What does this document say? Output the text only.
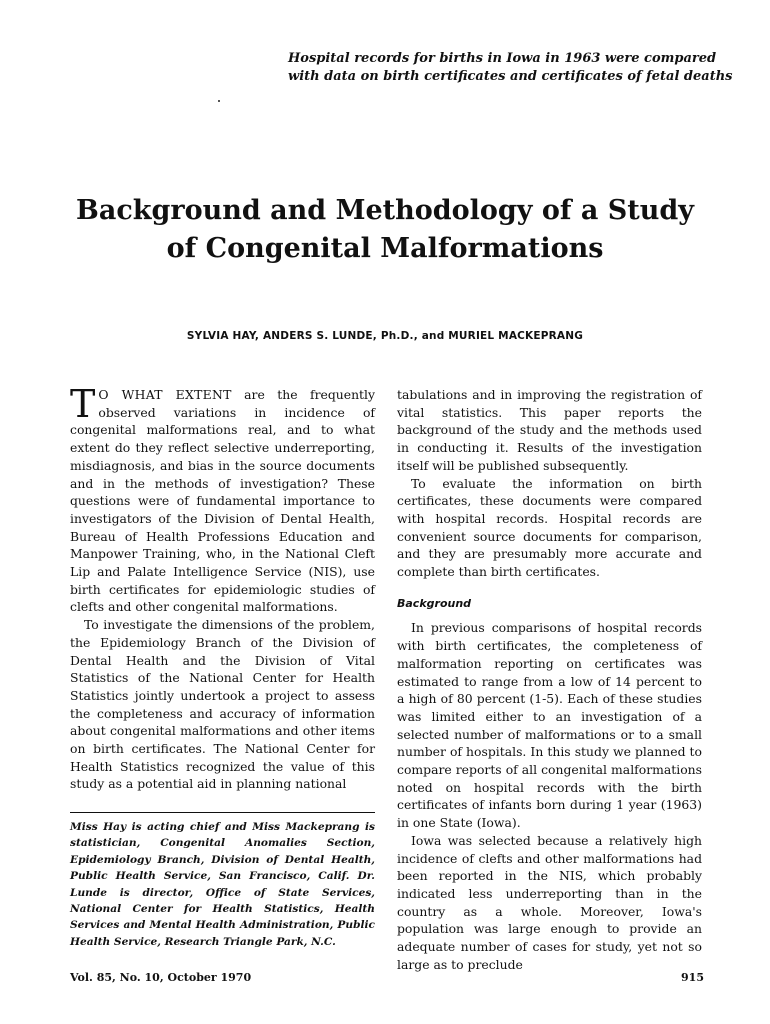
Hospital records for births in Iowa in 1963 were compared
with data on birth certificates and certificates of fetal deaths
Background and Methodology of a Study
of Congenital Malformations
SYLVIA HAY, ANDERS S. LUNDE, Ph.D., and MURIEL MACKEPRANG

TO WHAT EXTENT are the frequently observed variations in incidence of congenital malformations real, and to what extent do they reflect selective underreporting, misdiagnosis, and bias in the source documents and in the methods of investigation? These questions were of fundamental importance to investigators of the Division of Dental Health, Bureau of Health Professions Education and Manpower Training, who, in the National Cleft Lip and Palate Intelligence Service (NIS), use birth certificates for epidemiologic studies of clefts and other congenital malformations.

To investigate the dimensions of the problem, the Epidemiology Branch of the Division of Dental Health and the Division of Vital Statistics of the National Center for Health Statistics jointly undertook a project to assess the completeness and accuracy of information about congenital malformations and other items on birth certificates. The National Center for Health Statistics recognized the value of this study as a potential aid in planning national

Miss Hay is acting chief and Miss Mackeprang is statistician, Congenital Anomalies Section, Epidemiology Branch, Division of Dental Health, Public Health Service, San Francisco, Calif. Dr. Lunde is director, Office of State Services, National Center for Health Statistics, Health Services and Mental Health Administration, Public Health Service, Research Triangle Park, N.C.

tabulations and in improving the registration of vital statistics. This paper reports the background of the study and the methods used in conducting it. Results of the investigation itself will be published subsequently.

To evaluate the information on birth certificates, these documents were compared with hospital records. Hospital records are convenient source documents for comparison, and they are presumably more accurate and complete than birth certificates.

Background

In previous comparisons of hospital records with birth certificates, the completeness of malformation reporting on certificates was estimated to range from a low of 14 percent to a high of 80 percent (1-5). Each of these studies was limited either to an investigation of a selected number of malformations or to a small number of hospitals. In this study we planned to compare reports of all congenital malformations noted on hospital records with the birth certificates of infants born during 1 year (1963) in one State (Iowa).

Iowa was selected because a relatively high incidence of clefts and other malformations had been reported in the NIS, which probably indicated less underreporting than in the country as a whole. Moreover, Iowa's population was large enough to provide an adequate number of cases for study, yet not so large as to preclude

Vol. 85, No. 10, October 1970	915
